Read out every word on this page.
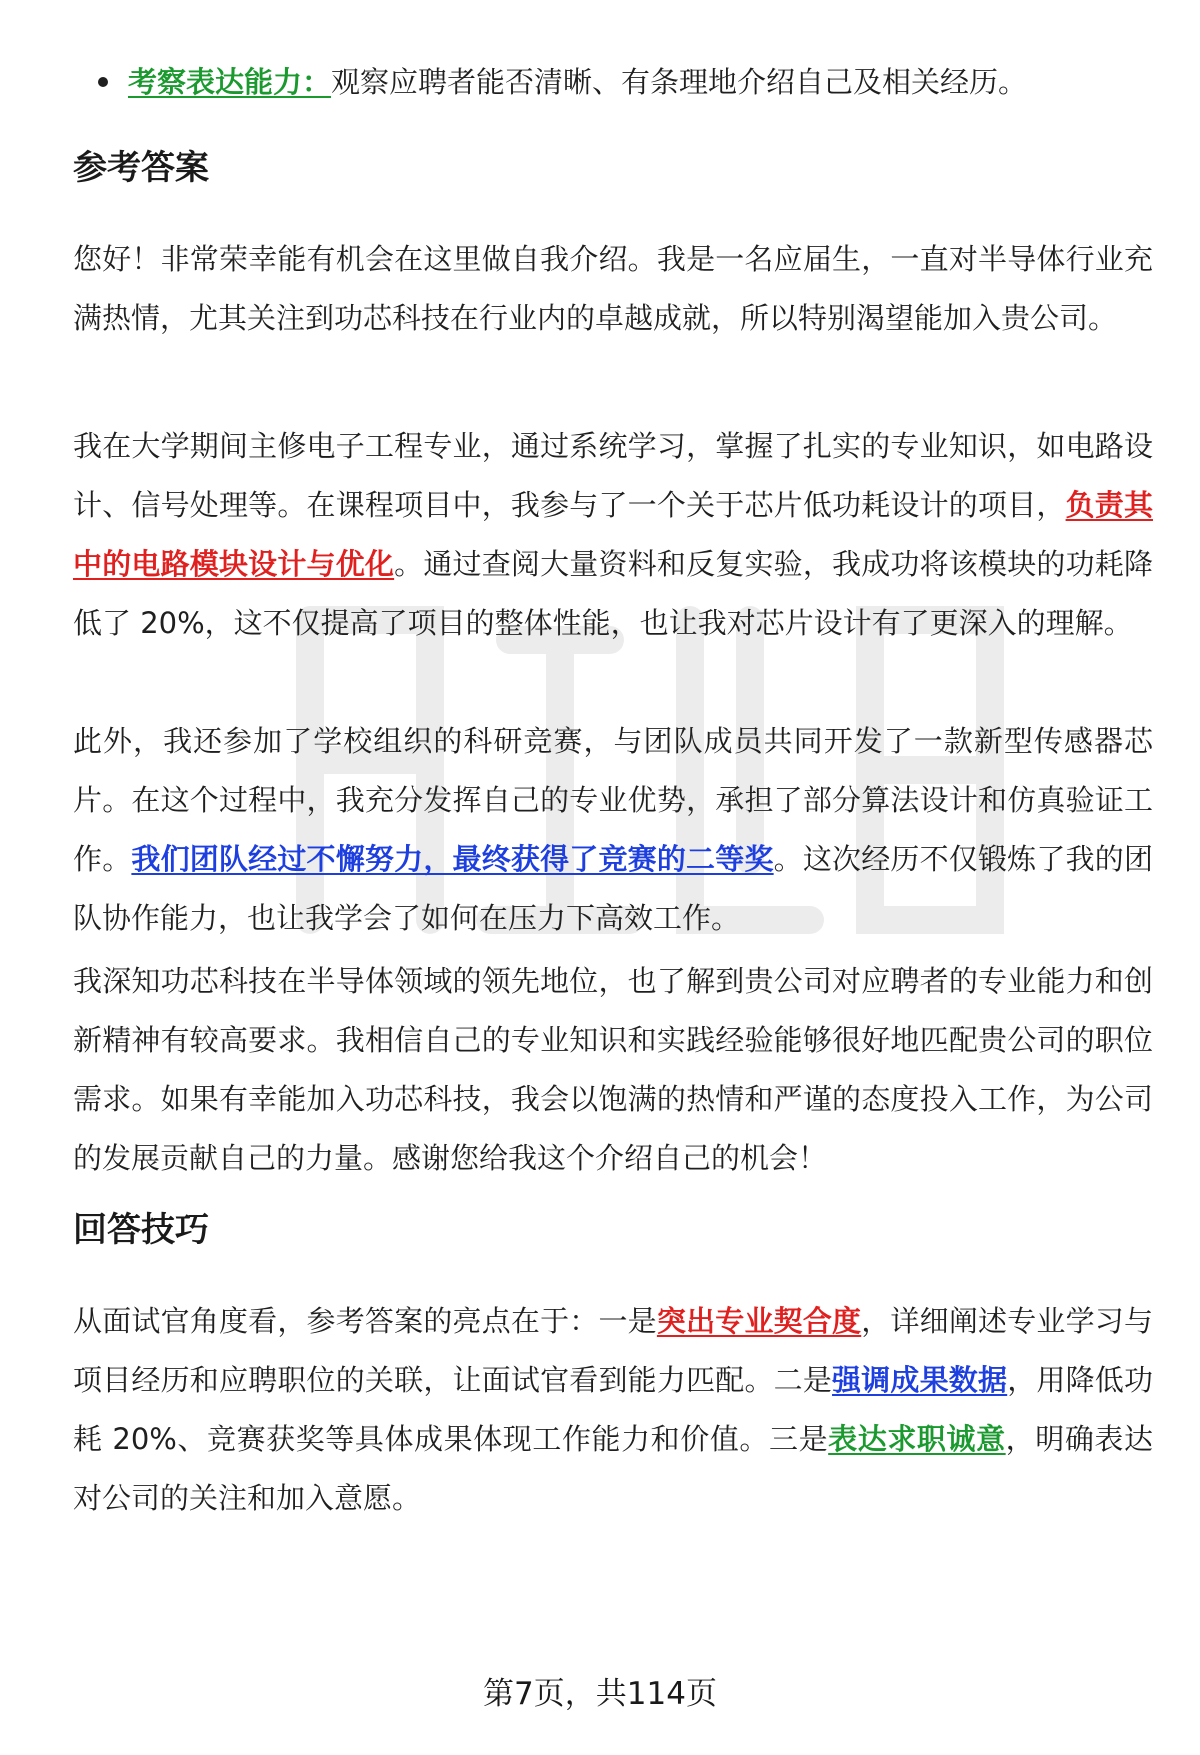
考察表达能力：观察应聘者能否清晰、有条理地介绍自己及相关经历。
参考答案

您好！非常荣幸能有机会在这里做自我介绍。我是一名应届生，一直对半导体行业充满热情，尤其关注到功芯科技在行业内的卓越成就，所以特别渴望能加入贵公司。

我在大学期间主修电子工程专业，通过系统学习，掌握了扎实的专业知识，如电路设计、信号处理等。在课程项目中，我参与了一个关于芯片低功耗设计的项目，负责其中的电路模块设计与优化。通过查阅大量资料和反复实验，我成功将该模块的功耗降低了 20%，这不仅提高了项目的整体性能，也让我对芯片设计有了更深入的理解。

此外，我还参加了学校组织的科研竞赛，与团队成员共同开发了一款新型传感器芯片。在这个过程中，我充分发挥自己的专业优势，承担了部分算法设计和仿真验证工作。我们团队经过不懈努力，最终获得了竞赛的二等奖。这次经历不仅锻炼了我的团队协作能力，也让我学会了如何在压力下高效工作。

我深知功芯科技在半导体领域的领先地位，也了解到贵公司对应聘者的专业能力和创新精神有较高要求。我相信自己的专业知识和实践经验能够很好地匹配贵公司的职位需求。如果有幸能加入功芯科技，我会以饱满的热情和严谨的态度投入工作，为公司的发展贡献自己的力量。感谢您给我这个介绍自己的机会！

回答技巧

从面试官角度看，参考答案的亮点在于：一是突出专业契合度，详细阐述专业学习与项目经历和应聘职位的关联，让面试官看到能力匹配。二是强调成果数据，用降低功耗 20%、竞赛获奖等具体成果体现工作能力和价值。三是表达求职诚意，明确表达对公司的关注和加入意愿。

第7页，共114页
